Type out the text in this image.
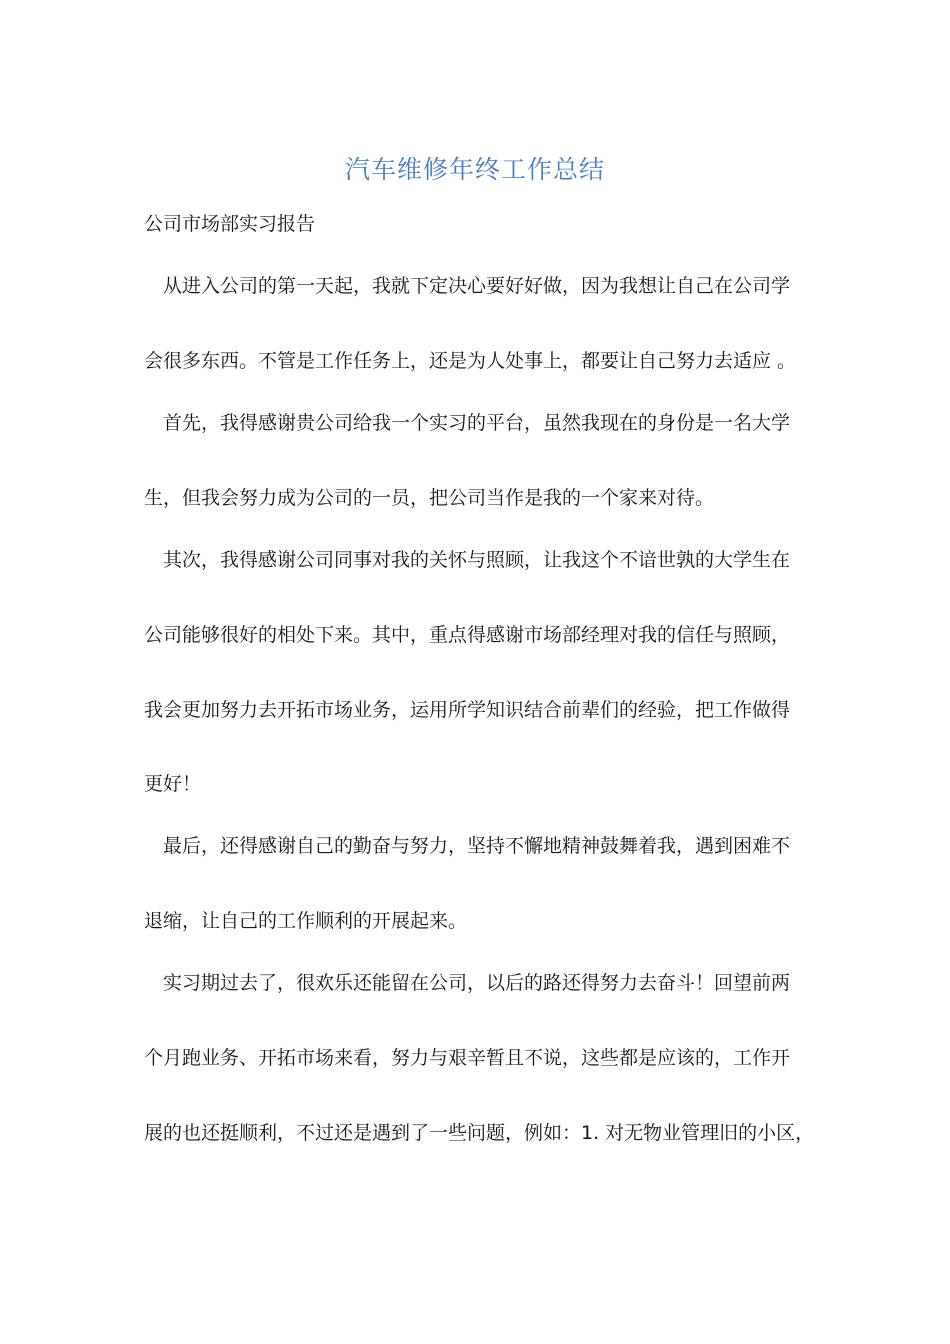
汽车维修年终工作总结
公司市场部实习报告
从进入公司的第一天起，我就下定决心要好好做，因为我想让自己在公司学
会很多东西。不管是工作任务上，还是为人处事上，都要让自己努力去适应 。
首先，我得感谢贵公司给我一个实习的平台，虽然我现在的身份是一名大学
生，但我会努力成为公司的一员，把公司当作是我的一个家来对待。
其次，我得感谢公司同事对我的关怀与照顾，让我这个不谙世孰的大学生在
公司能够很好的相处下来。其中，重点得感谢市场部经理对我的信任与照顾，
我会更加努力去开拓市场业务，运用所学知识结合前辈们的经验，把工作做得
更好！
最后，还得感谢自己的勤奋与努力，坚持不懈地精神鼓舞着我，遇到困难不
退缩，让自己的工作顺利的开展起来。
实习期过去了，很欢乐还能留在公司，以后的路还得努力去奋斗！回望前两
个月跑业务、开拓市场来看，努力与艰辛暂且不说，这些都是应该的，工作开
展的也还挺顺利，不过还是遇到了一些问题，例如：1. 对无物业管理旧的小区，
